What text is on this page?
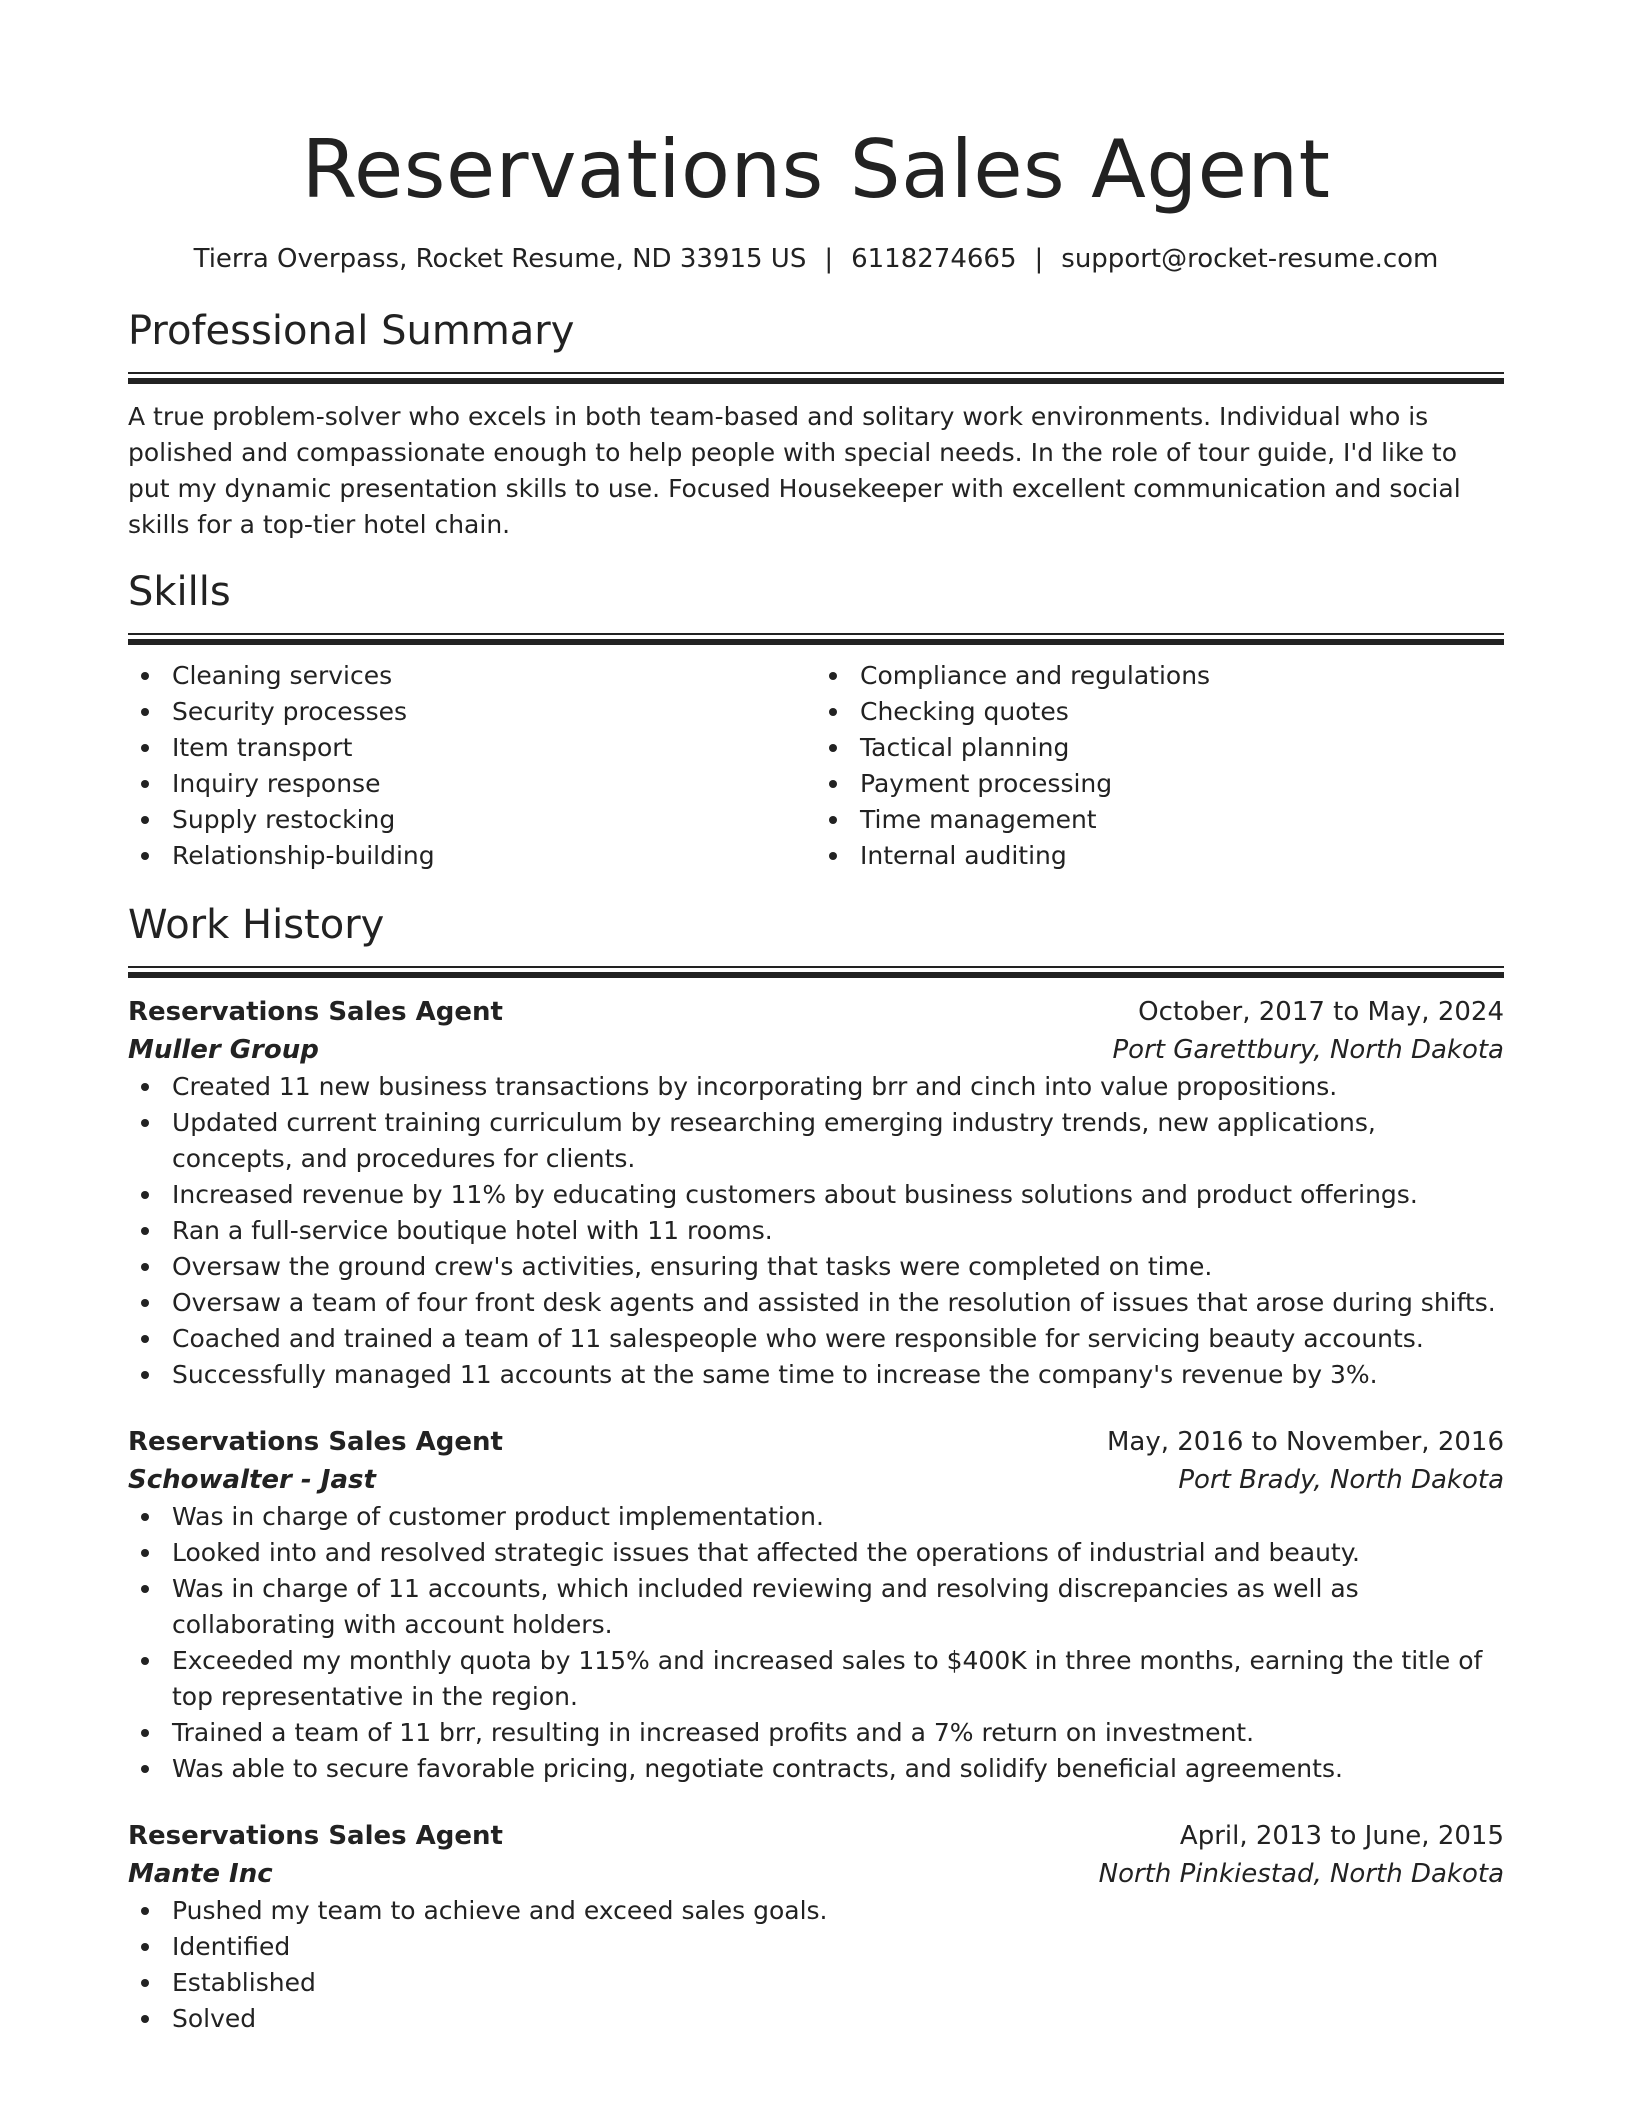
Reservations Sales Agent
Tierra Overpass, Rocket Resume, ND 33915 US | 6118274665 | support@rocket-resume.com
Professional Summary

A true problem-solver who excels in both team-based and solitary work environments. Individual who is polished and compassionate enough to help people with special needs. In the role of tour guide, I'd like to put my dynamic presentation skills to use. Focused Housekeeper with excellent communication and social skills for a top-tier hotel chain.

Skills
Cleaning services
Security processes
Item transport
Inquiry response
Supply restocking
Relationship-building
Compliance and regulations
Checking quotes
Tactical planning
Payment processing
Time management
Internal auditing
Work History
Reservations Sales Agent	October, 2017 to May, 2024
Muller Group	Port Garettbury, North Dakota
Created 11 new business transactions by incorporating brr and cinch into value propositions.
Updated current training curriculum by researching emerging industry trends, new applications, concepts, and procedures for clients.
Increased revenue by 11% by educating customers about business solutions and product offerings.
Ran a full-service boutique hotel with 11 rooms.
Oversaw the ground crew's activities, ensuring that tasks were completed on time.
Oversaw a team of four front desk agents and assisted in the resolution of issues that arose during shifts.
Coached and trained a team of 11 salespeople who were responsible for servicing beauty accounts.
Successfully managed 11 accounts at the same time to increase the company's revenue by 3%.
Reservations Sales Agent	May, 2016 to November, 2016
Schowalter - Jast	Port Brady, North Dakota
Was in charge of customer product implementation.
Looked into and resolved strategic issues that affected the operations of industrial and beauty.
Was in charge of 11 accounts, which included reviewing and resolving discrepancies as well as collaborating with account holders.
Exceeded my monthly quota by 115% and increased sales to $400K in three months, earning the title of top representative in the region.
Trained a team of 11 brr, resulting in increased profits and a 7% return on investment.
Was able to secure favorable pricing, negotiate contracts, and solidify beneficial agreements.
Reservations Sales Agent	April, 2013 to June, 2015
Mante Inc	North Pinkiestad, North Dakota
Pushed my team to achieve and exceed sales goals.
Identified
Established
Solved
